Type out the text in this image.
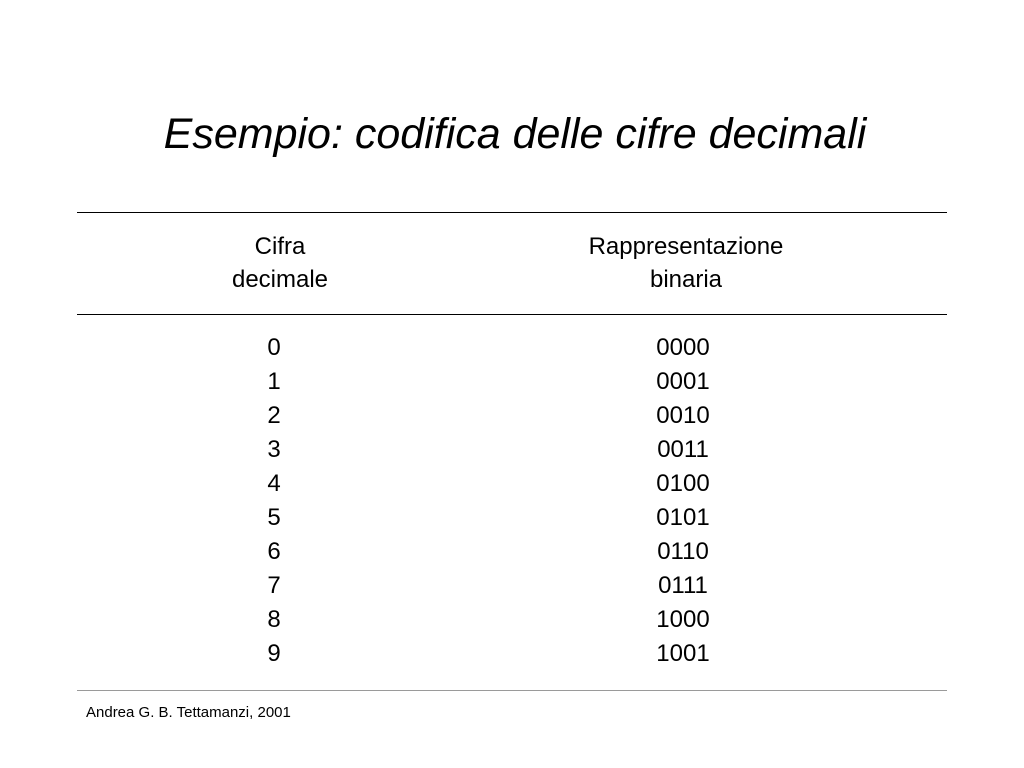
Esempio: codifica delle cifre decimali
Cifra
decimale
Rappresentazione
binaria
0
1
2
3
4
5
6
7
8
9
0000
0001
0010
0011
0100
0101
0110
0111
1000
1001
Andrea G. B. Tettamanzi, 2001
